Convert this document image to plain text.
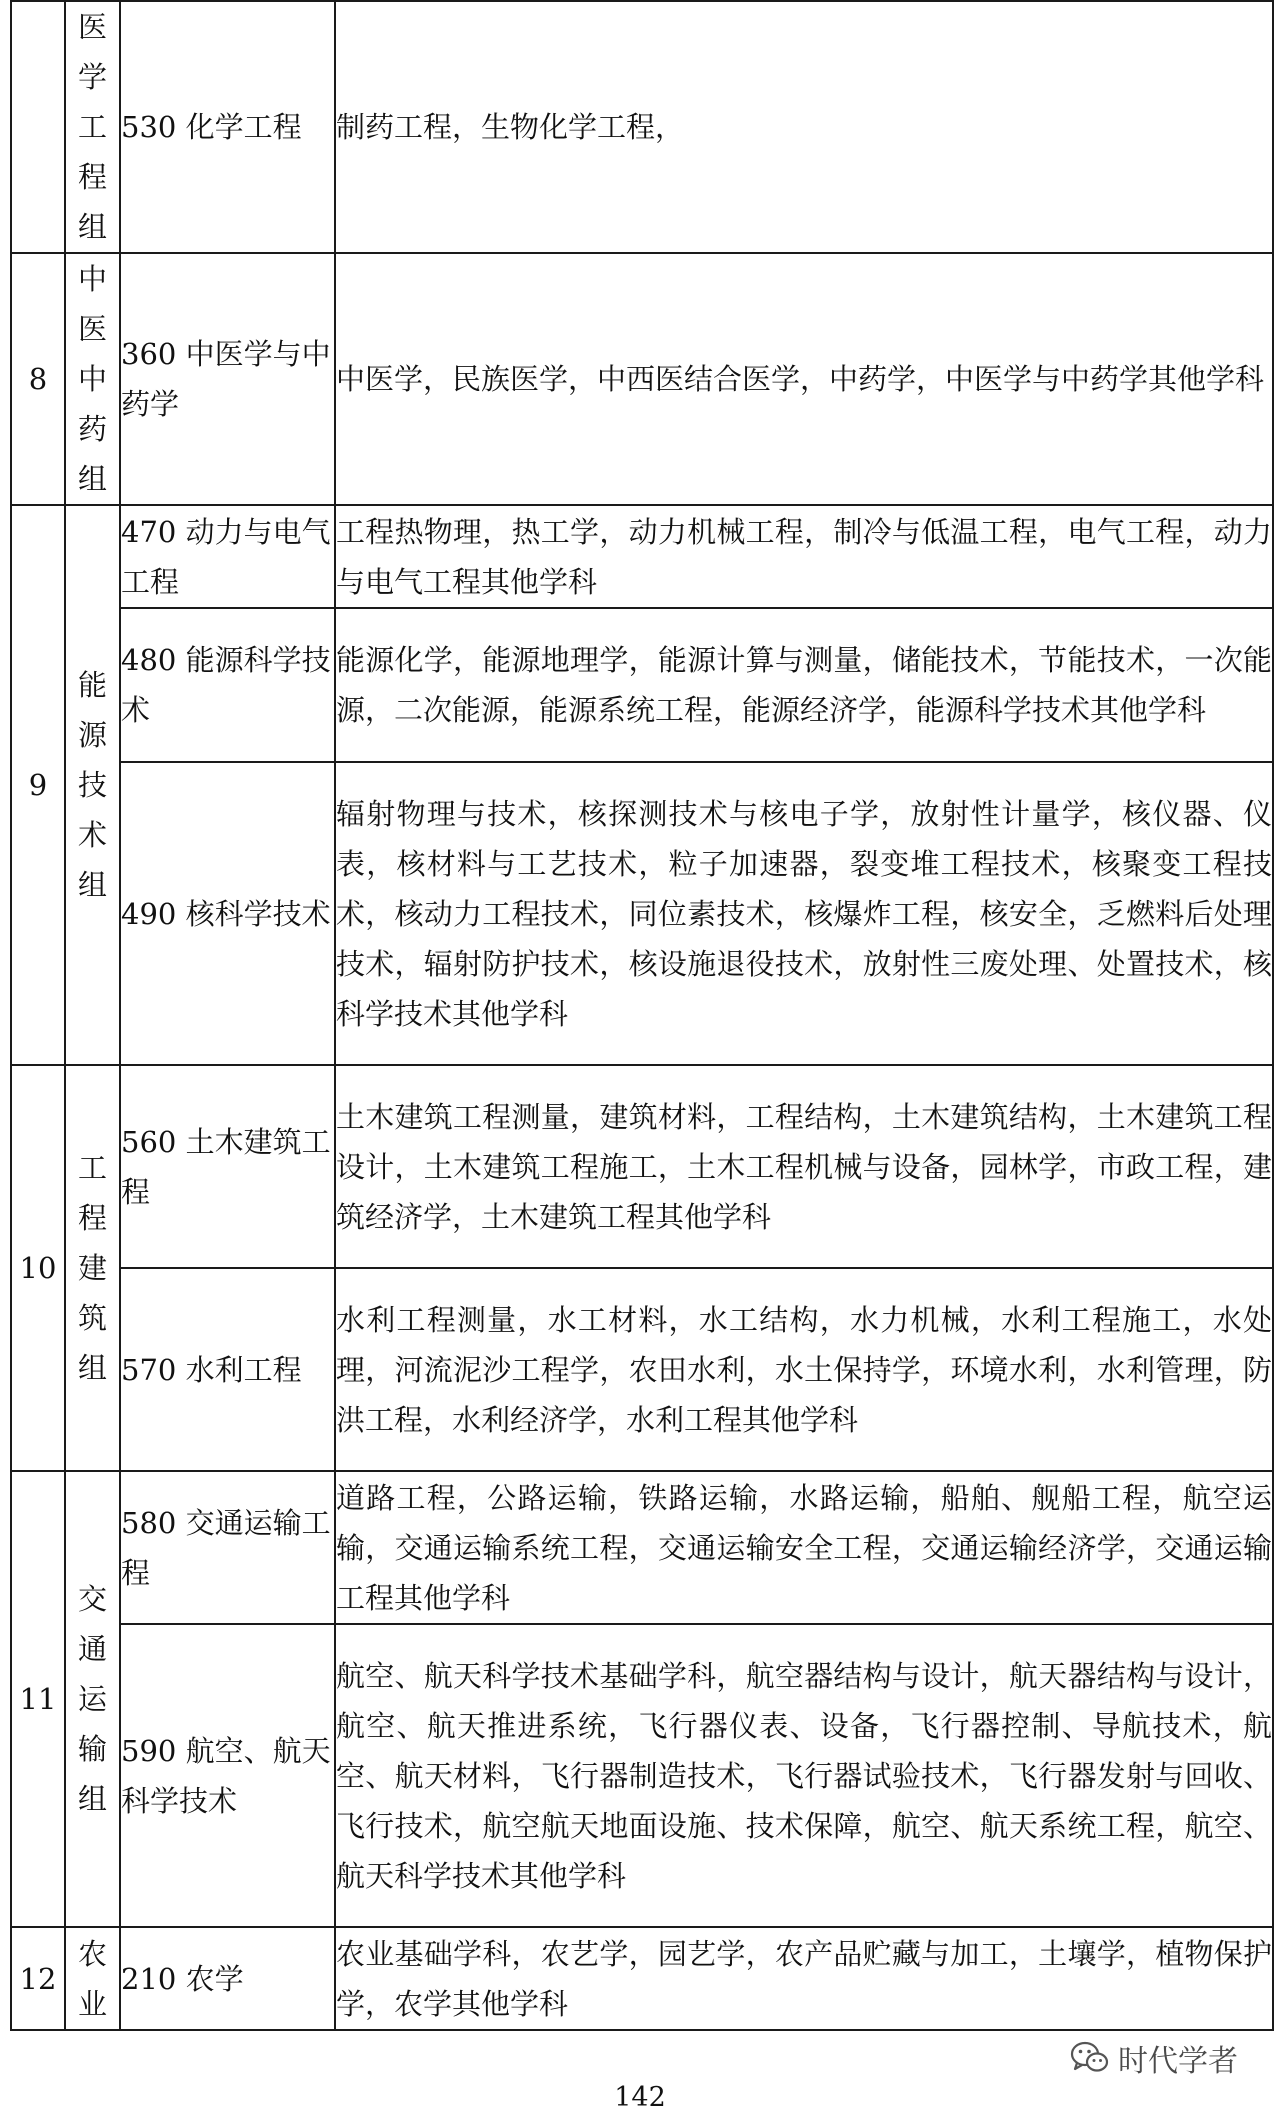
	医学工程组	530 化学工程	制药工程，生物化学工程，
8	中医中药组	360 中医学与中药学	中医学，民族医学，中西医结合医学，中药学，中医学与中药学其他学科
9	能源技术组	470 动力与电气工程	工程热物理，热工学，动力机械工程，制冷与低温工程，电气工程，动力与电气工程其他学科
		480 能源科学技术	能源化学，能源地理学，能源计算与测量，储能技术，节能技术，一次能源，二次能源，能源系统工程，能源经济学，能源科学技术其他学科
		490 核科学技术	辐射物理与技术，核探测技术与核电子学，放射性计量学，核仪器、仪表，核材料与工艺技术，粒子加速器，裂变堆工程技术，核聚变工程技术，核动力工程技术，同位素技术，核爆炸工程，核安全，乏燃料后处理技术，辐射防护技术，核设施退役技术，放射性三废处理、处置技术，核科学技术其他学科
10	工程建筑组	560 土木建筑工程	土木建筑工程测量，建筑材料，工程结构，土木建筑结构，土木建筑工程设计，土木建筑工程施工，土木工程机械与设备，园林学，市政工程，建筑经济学，土木建筑工程其他学科
		570 水利工程	水利工程测量，水工材料，水工结构，水力机械，水利工程施工，水处理，河流泥沙工程学，农田水利，水土保持学，环境水利，水利管理，防洪工程，水利经济学，水利工程其他学科
11	交通运输组	580 交通运输工程	道路工程，公路运输，铁路运输，水路运输，船舶、舰船工程，航空运输，交通运输系统工程，交通运输安全工程，交通运输经济学，交通运输工程其他学科
		590 航空、航天科学技术	航空、航天科学技术基础学科，航空器结构与设计，航天器结构与设计，航空、航天推进系统，飞行器仪表、设备，飞行器控制、导航技术，航空、航天材料，飞行器制造技术，飞行器试验技术，飞行器发射与回收、飞行技术，航空航天地面设施、技术保障，航空、航天系统工程，航空、航天科学技术其他学科
12	农业	210 农学	农业基础学科，农艺学，园艺学，农产品贮藏与加工，土壤学，植物保护学，农学其他学科
时代学者
142
